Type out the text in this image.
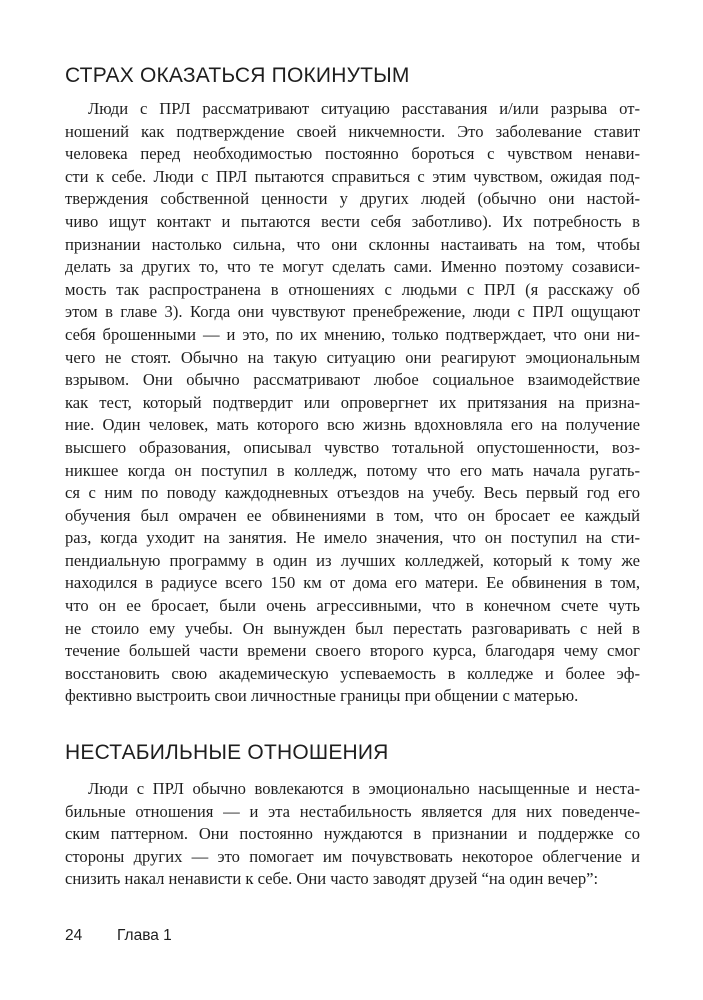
СТРАХ ОКАЗАТЬСЯ ПОКИНУТЫМ
Люди с ПРЛ рассматривают ситуацию расставания и/или разрыва от-
ношений как подтверждение своей никчемности. Это заболевание ставит
человека перед необходимостью постоянно бороться с чувством ненави-
сти к себе. Люди с ПРЛ пытаются справиться с этим чувством, ожидая под-
тверждения собственной ценности у других людей (обычно они настой-
чиво ищут контакт и пытаются вести себя заботливо). Их потребность в
признании настолько сильна, что они склонны настаивать на том, чтобы
делать за других то, что те могут сделать сами. Именно поэтому созависи-
мость так распространена в отношениях с людьми с ПРЛ (я расскажу об
этом в главе 3). Когда они чувствуют пренебрежение, люди с ПРЛ ощущают
себя брошенными — и это, по их мнению, только подтверждает, что они ни-
чего не стоят. Обычно на такую ситуацию они реагируют эмоциональным
взрывом. Они обычно рассматривают любое социальное взаимодействие
как тест, который подтвердит или опровергнет их притязания на призна-
ние. Один человек, мать которого всю жизнь вдохновляла его на получение
высшего образования, описывал чувство тотальной опустошенности, воз-
никшее когда он поступил в колледж, потому что его мать начала ругать-
ся с ним по поводу каждодневных отъездов на учебу. Весь первый год его
обучения был омрачен ее обвинениями в том, что он бросает ее каждый
раз, когда уходит на занятия. Не имело значения, что он поступил на сти-
пендиальную программу в один из лучших колледжей, который к тому же
находился в радиусе всего 150 км от дома его матери. Ее обвинения в том,
что он ее бросает, были очень агрессивными, что в конечном счете чуть
не стоило ему учебы. Он вынужден был перестать разговаривать с ней в
течение большей части времени своего второго курса, благодаря чему смог
восстановить свою академическую успеваемость в колледже и более эф-
фективно выстроить свои личностные границы при общении с матерью.
НЕСТАБИЛЬНЫЕ ОТНОШЕНИЯ
Люди с ПРЛ обычно вовлекаются в эмоционально насыщенные и неста-
бильные отношения — и эта нестабильность является для них поведенче-
ским паттерном. Они постоянно нуждаются в признании и поддержке со
стороны других — это помогает им почувствовать некоторое облегчение и
снизить накал ненависти к себе. Они часто заводят друзей “на один вечер”:
24 Глава 1
